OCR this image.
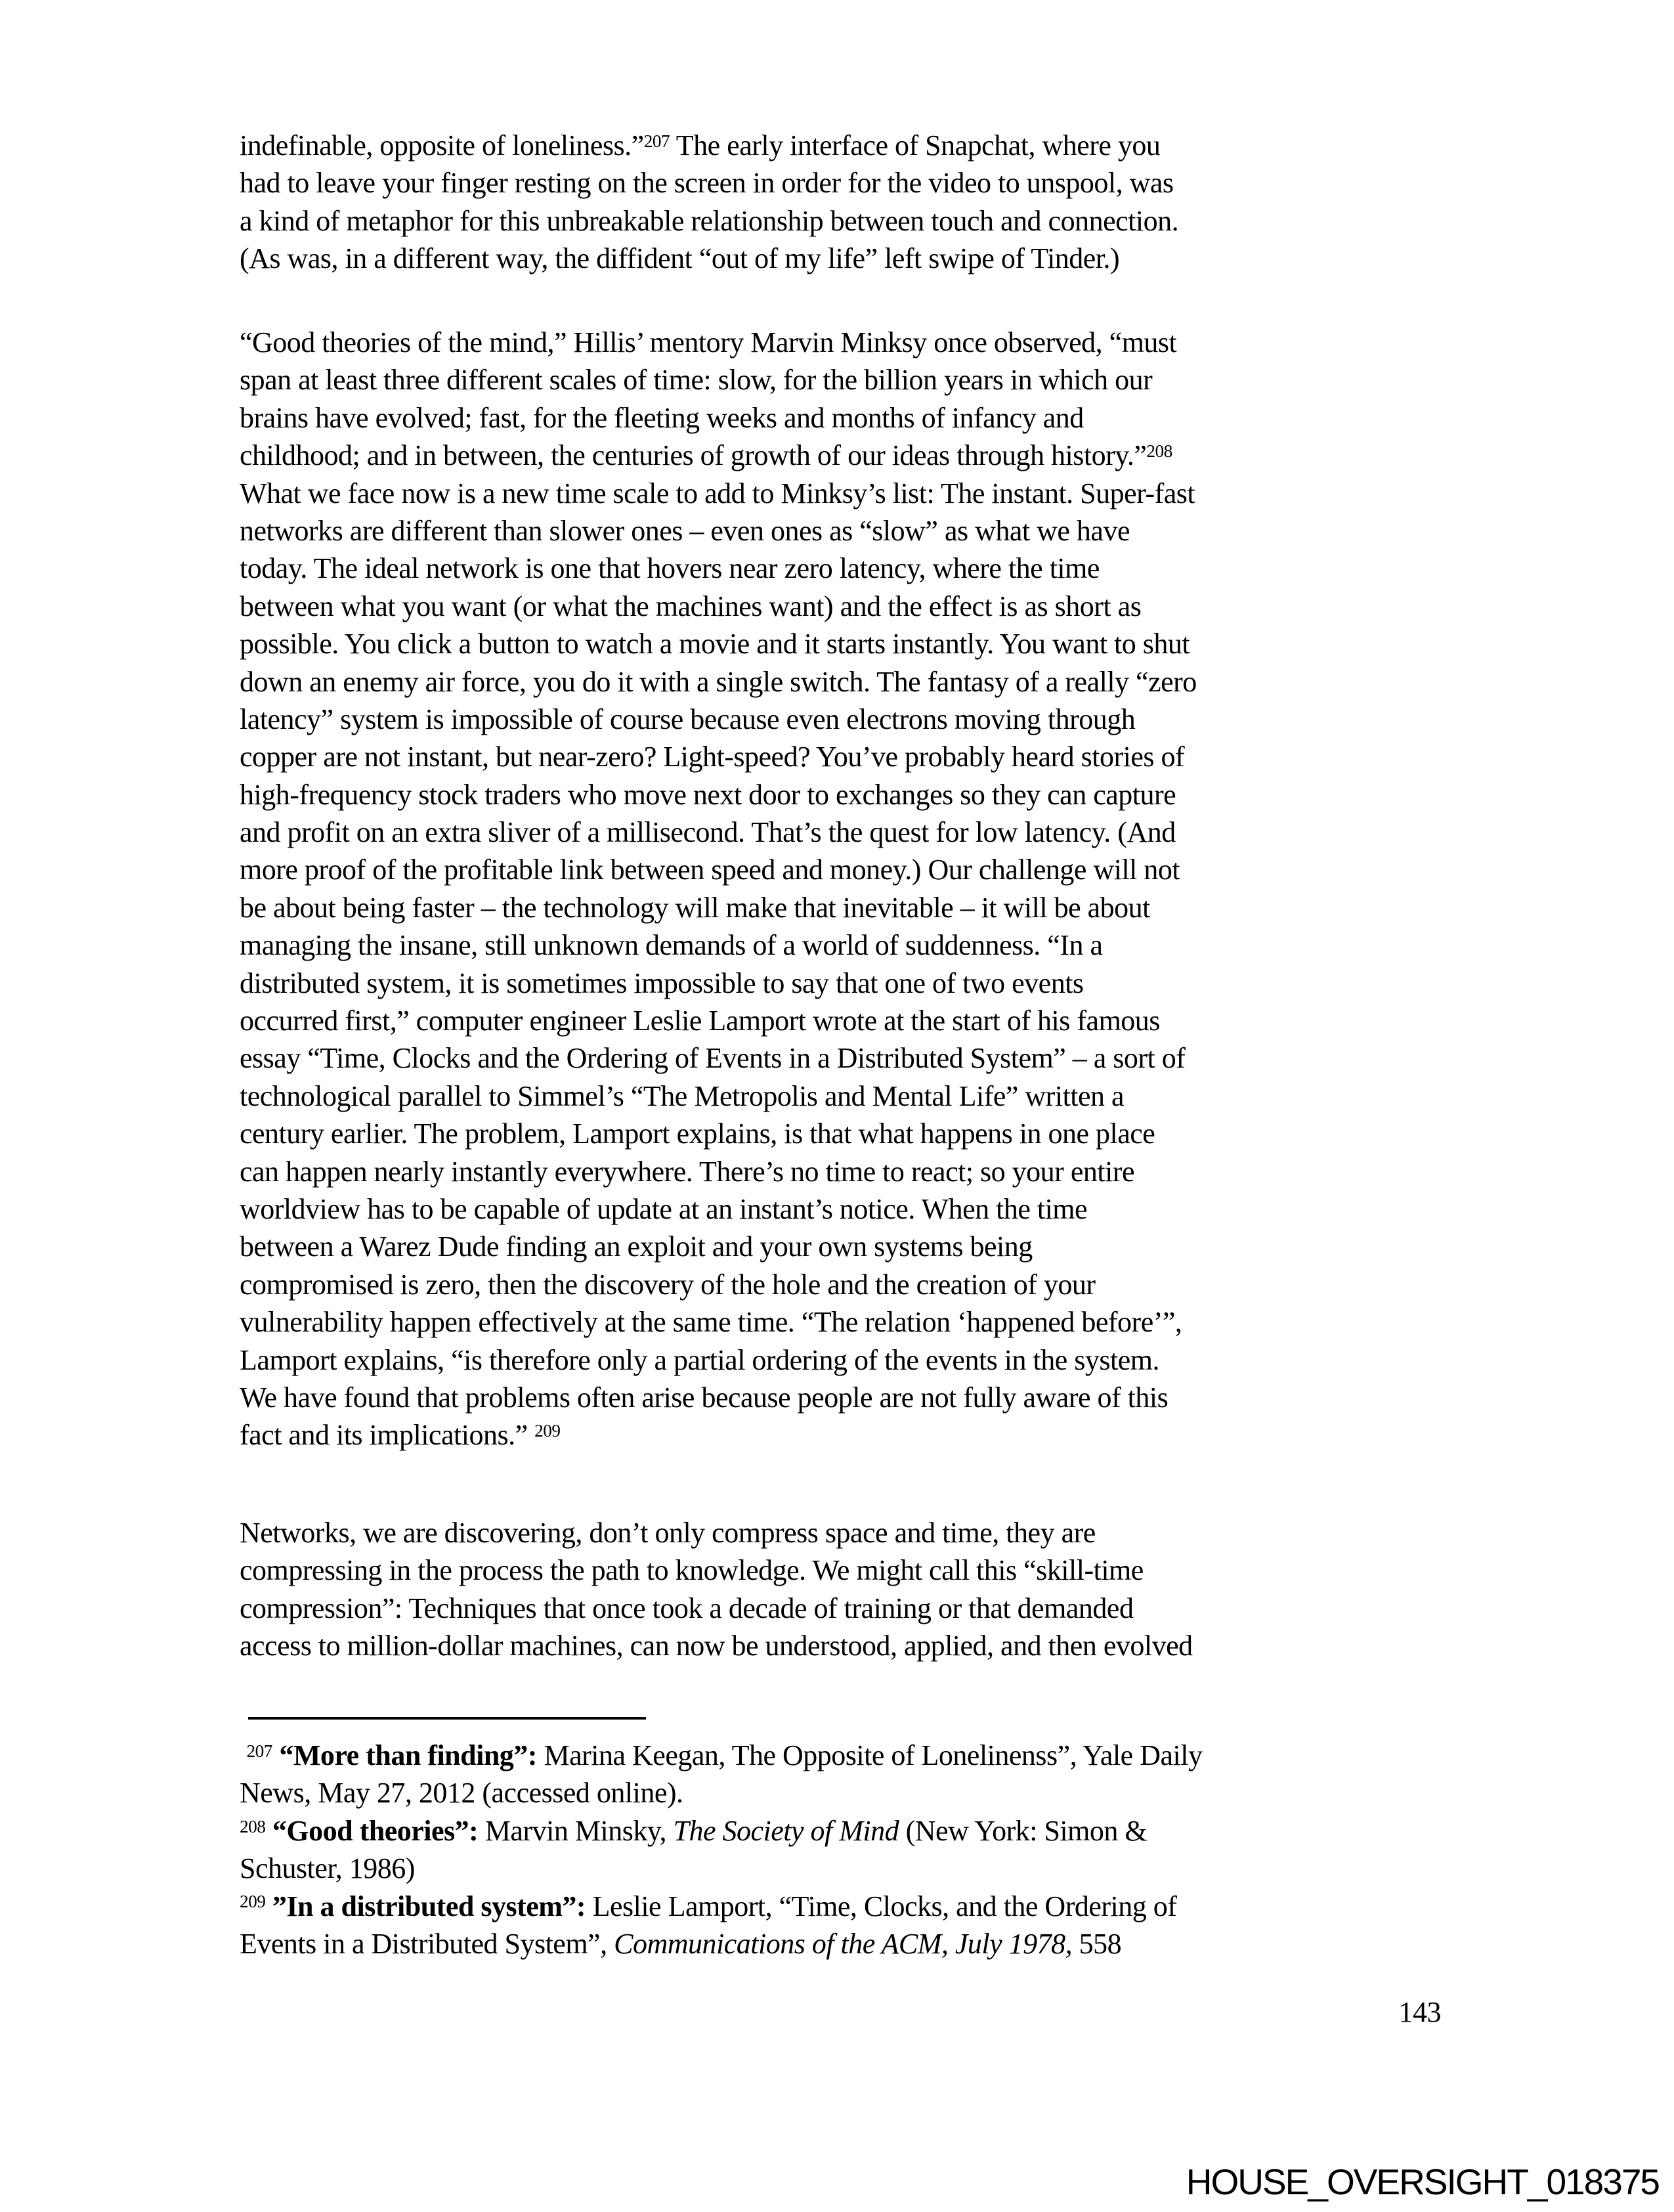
indefinable, opposite of loneliness.”$^{207}$ The early interface of Snapchat, where you
had to leave your finger resting on the screen in order for the video to unspool, was
a kind of metaphor for this unbreakable relationship between touch and connection.
(As was, in a different way, the diffident “out of my life” left swipe of Tinder.)
“Good theories of the mind,” Hillis’ mentory Marvin Minksy once observed, “must
span at least three different scales of time: slow, for the billion years in which our
brains have evolved; fast, for the fleeting weeks and months of infancy and
childhood; and in between, the centuries of growth of our ideas through history.”$^{208}$
What we face now is a new time scale to add to Minksy’s list: The instant. Super-fast
networks are different than slower ones – even ones as “slow” as what we have
today. The ideal network is one that hovers near zero latency, where the time
between what you want (or what the machines want) and the effect is as short as
possible. You click a button to watch a movie and it starts instantly. You want to shut
down an enemy air force, you do it with a single switch. The fantasy of a really “zero
latency” system is impossible of course because even electrons moving through
copper are not instant, but near-zero? Light-speed? You’ve probably heard stories of
high-frequency stock traders who move next door to exchanges so they can capture
and profit on an extra sliver of a millisecond. That’s the quest for low latency. (And
more proof of the profitable link between speed and money.) Our challenge will not
be about being faster – the technology will make that inevitable – it will be about
managing the insane, still unknown demands of a world of suddenness. “In a
distributed system, it is sometimes impossible to say that one of two events
occurred first,” computer engineer Leslie Lamport wrote at the start of his famous
essay “Time, Clocks and the Ordering of Events in a Distributed System” – a sort of
technological parallel to Simmel’s “The Metropolis and Mental Life” written a
century earlier. The problem, Lamport explains, is that what happens in one place
can happen nearly instantly everywhere. There’s no time to react; so your entire
worldview has to be capable of update at an instant’s notice. When the time
between a Warez Dude finding an exploit and your own systems being
compromised is zero, then the discovery of the hole and the creation of your
vulnerability happen effectively at the same time. “The relation ‘happened before’”,
Lamport explains, “is therefore only a partial ordering of the events in the system.
We have found that problems often arise because people are not fully aware of this
fact and its implications.” $^{209}$
Networks, we are discovering, don’t only compress space and time, they are
compressing in the process the path to knowledge. We might call this “skill-time
compression”: Techniques that once took a decade of training or that demanded
access to million-dollar machines, can now be understood, applied, and then evolved
$^{207}$ “More than finding”: Marina Keegan, The Opposite of Lonelinenss”, Yale Daily
News, May 27, 2012 (accessed online).
$^{208}$ “Good theories”: Marvin Minsky, The Society of Mind (New York: Simon &
Schuster, 1986)
$^{209}$ ”In a distributed system”: Leslie Lamport, “Time, Clocks, and the Ordering of
Events in a Distributed System”, Communications of the ACM, July 1978, 558
143
HOUSE_OVERSIGHT_018375
